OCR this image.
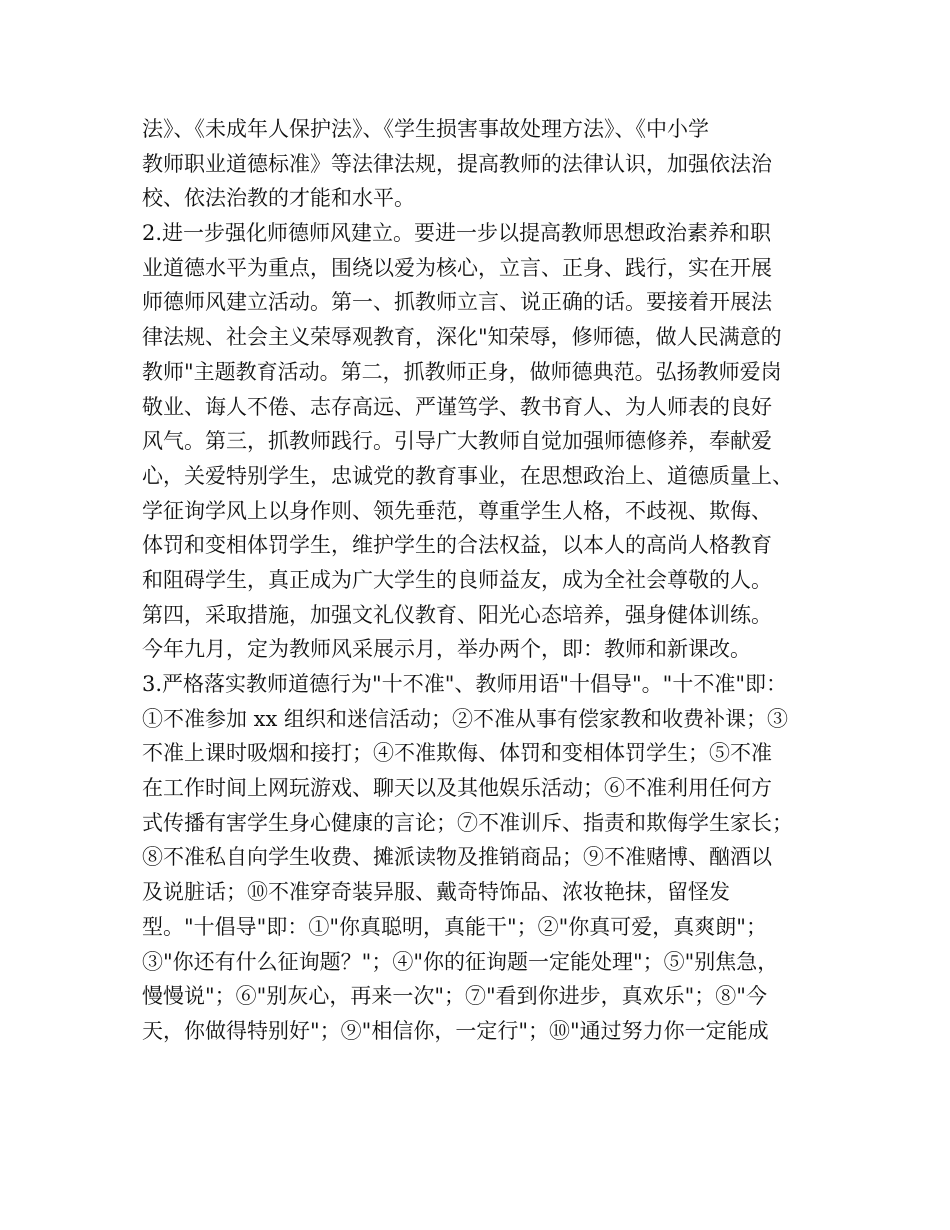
法》、《未成年人保护法》、《学生损害事故处理方法》、《中小学
教师职业道德标准》等法律法规，提高教师的法律认识，加强依法治
校、依法治教的才能和水平。
2.进一步强化师德师风建立。要进一步以提高教师思想政治素养和职
业道德水平为重点，围绕以爱为核心，立言、正身、践行，实在开展
师德师风建立活动。第一、抓教师立言、说正确的话。要接着开展法
律法规、社会主义荣辱观教育，深化"知荣辱，修师德，做人民满意的
教师"主题教育活动。第二，抓教师正身，做师德典范。弘扬教师爱岗
敬业、诲人不倦、志存高远、严谨笃学、教书育人、为人师表的良好
风气。第三，抓教师践行。引导广大教师自觉加强师德修养，奉献爱
心，关爱特别学生，忠诚党的教育事业，在思想政治上、道德质量上、
学征询学风上以身作则、领先垂范，尊重学生人格，不歧视、欺侮、
体罚和变相体罚学生，维护学生的合法权益，以本人的高尚人格教育
和阻碍学生，真正成为广大学生的良师益友，成为全社会尊敬的人。
第四，采取措施，加强文礼仪教育、阳光心态培养，强身健体训练。
今年九月，定为教师风采展示月，举办两个，即：教师和新课改。
3.严格落实教师道德行为"十不准"、教师用语"十倡导"。"十不准"即：
①不准参加 xx 组织和迷信活动；②不准从事有偿家教和收费补课；③
不准上课时吸烟和接打；④不准欺侮、体罚和变相体罚学生；⑤不准
在工作时间上网玩游戏、聊天以及其他娱乐活动；⑥不准利用任何方
式传播有害学生身心健康的言论；⑦不准训斥、指责和欺侮学生家长；
⑧不准私自向学生收费、摊派读物及推销商品；⑨不准赌博、酗酒以
及说脏话；⑩不准穿奇装异服、戴奇特饰品、浓妆艳抹，留怪发
型。"十倡导"即：①"你真聪明，真能干"；②"你真可爱，真爽朗"；
③"你还有什么征询题？"；④"你的征询题一定能处理"；⑤"别焦急，
慢慢说"；⑥"别灰心，再来一次"；⑦"看到你进步，真欢乐"；⑧"今
天，你做得特别好"；⑨"相信你，一定行"；⑩"通过努力你一定能成
